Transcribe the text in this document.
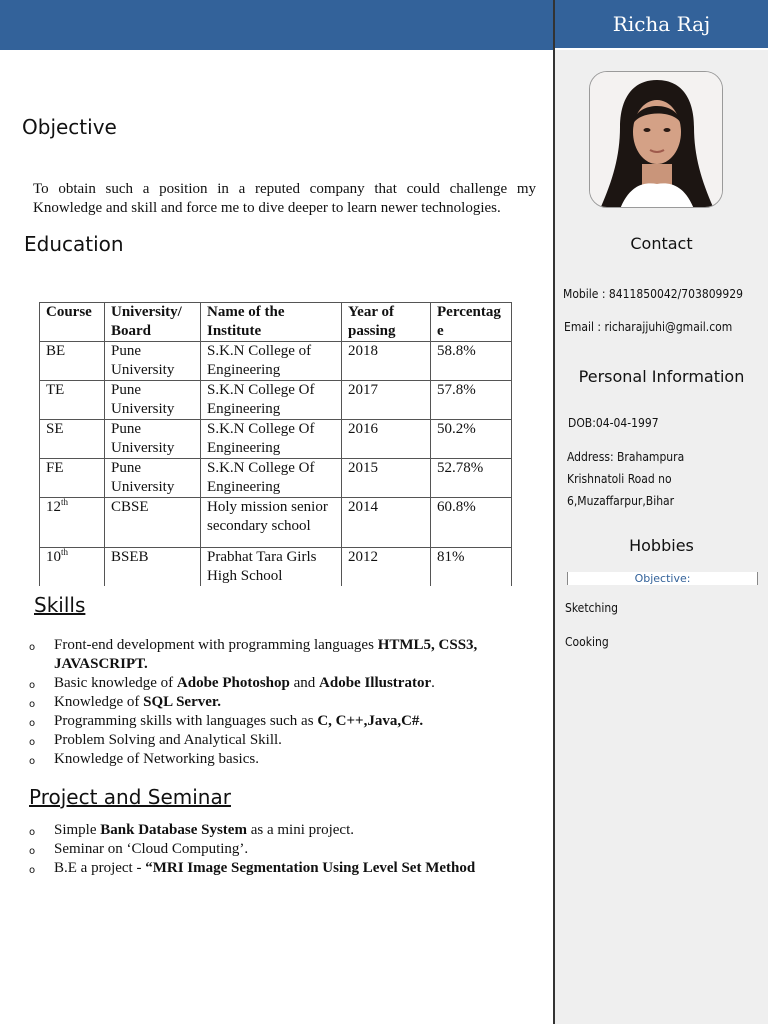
Richa Raj
Contact
Mobile : 8411850042/703809929
Email : richarajjuhi@gmail.com
Personal Information
DOB:04-04-1997
Address: Brahampura
Krishnatoli Road no
6,Muzaffarpur,Bihar
Hobbies
Objective:
Sketching
Cooking
Objective
To obtain such a position in a reputed company that could challenge my Knowledge and skill and force me to dive deeper to learn newer technologies.
Education
Course	University/ Board	Name of the Institute	Year of passing	Percentage
BE	Pune University	S.K.N College of Engineering	2018	58.8%
TE	Pune University	S.K.N College Of Engineering	2017	57.8%
SE	Pune University	S.K.N College Of Engineering	2016	50.2%
FE	Pune University	S.K.N College Of Engineering	2015	52.78%
12th	CBSE	Holy mission senior secondary school	2014	60.8%
10th	BSEB	Prabhat Tara Girls High School	2012	81%
Skills
o Front-end development with programming languages HTML5, CSS3, JAVASCRIPT.
o Basic knowledge of Adobe Photoshop and Adobe Illustrator.
o Knowledge of SQL Server.
o Programming skills with languages such as C, C++,Java,C#.
o Problem Solving and Analytical Skill.
o Knowledge of Networking basics.
Project and Seminar
o Simple Bank Database System as a mini project.
o Seminar on ‘Cloud Computing’.
o B.E a project - “MRI Image Segmentation Using Level Set Method
